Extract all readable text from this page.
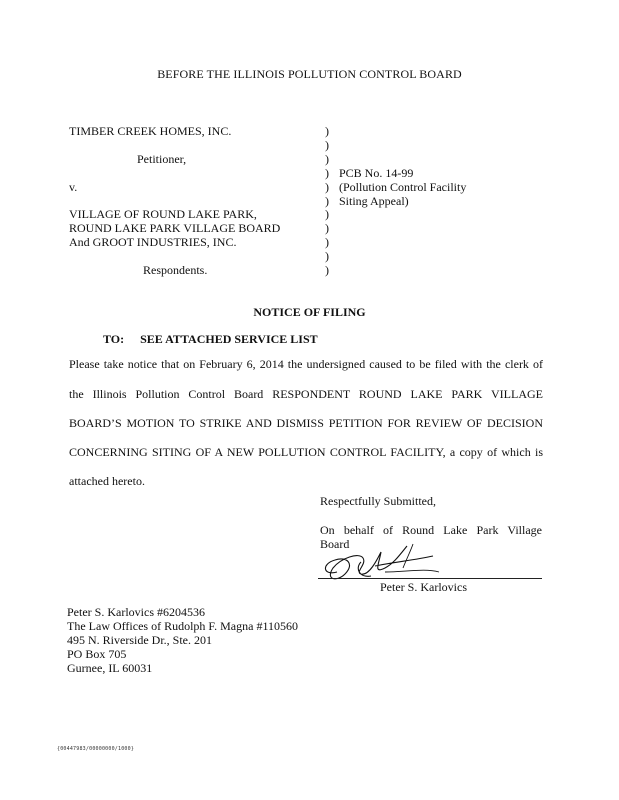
BEFORE THE ILLINOIS POLLUTION CONTROL BOARD
TIMBER CREEK HOMES, INC.
Petitioner,
v.
VILLAGE OF ROUND LAKE PARK,
ROUND LAKE PARK VILLAGE BOARD
And GROOT INDUSTRIES, INC.
Respondents.
)
)
)
)
)
)
)
)
)
)
)
PCB No. 14-99
(Pollution Control Facility
Siting Appeal)
NOTICE OF FILING
TO: SEE ATTACHED SERVICE LIST
Please take notice that on February 6, 2014 the undersigned caused to be filed with the clerk of
the Illinois Pollution Control Board RESPONDENT ROUND LAKE PARK VILLAGE
BOARD’S MOTION TO STRIKE AND DISMISS PETITION FOR REVIEW OF DECISION
CONCERNING SITING OF A NEW POLLUTION CONTROL FACILITY, a copy of which is
attached hereto.
Respectfully Submitted,
On behalf of Round Lake Park Village
Board
Peter S. Karlovics
Peter S. Karlovics #6204536
The Law Offices of Rudolph F. Magna #110560
495 N. Riverside Dr., Ste. 201
PO Box 705
Gurnee, IL 60031
{00447983/00000000/1000}
